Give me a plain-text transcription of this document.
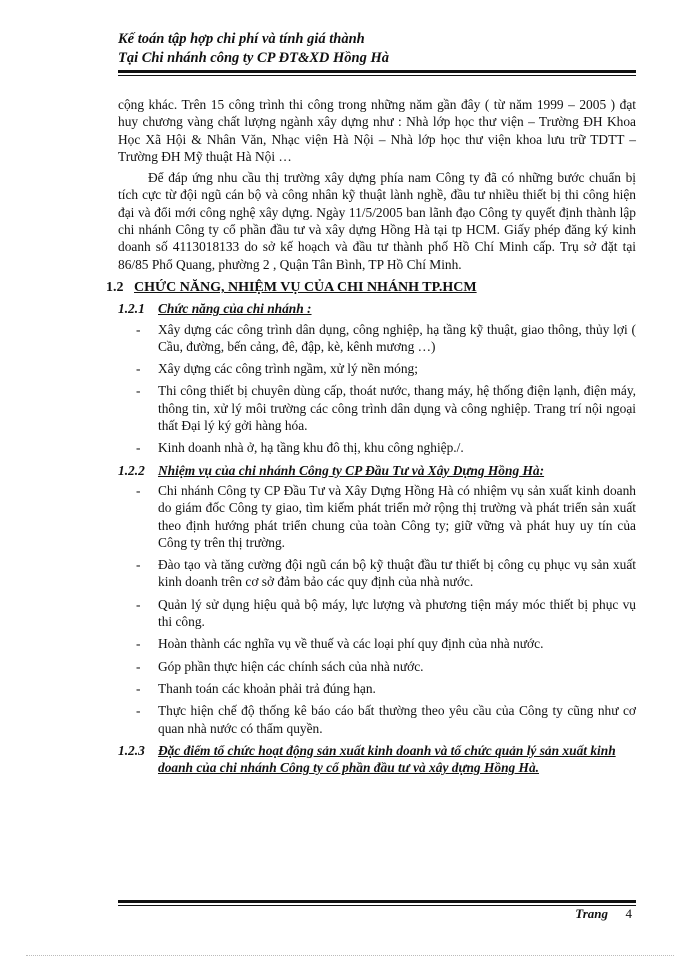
Kế toán tập hợp chi phí và tính giá thành
Tại Chi nhánh công ty CP ĐT&XD Hồng Hà

cộng khác. Trên 15 công trình thi công trong những năm gần đây ( từ năm 1999 – 2005 ) đạt huy chương vàng chất lượng ngành xây dựng như : Nhà lớp học thư viện – Trường ĐH Khoa Học Xã Hội & Nhân Văn, Nhạc viện Hà Nội – Nhà lớp học thư viện khoa lưu trữ TDTT – Trường ĐH Mỹ thuật Hà Nội …

Để đáp ứng nhu cầu thị trường xây dựng phía nam Công ty đã có những bước chuẩn bị tích cực từ đội ngũ cán bộ và công nhân kỹ thuật lành nghề, đầu tư nhiều thiết bị thi công hiện đại và đổi mới công nghệ xây dựng. Ngày 11/5/2005 ban lãnh đạo Công ty quyết định thành lập chi nhánh Công ty cổ phần đầu tư và xây dựng Hồng Hà tại tp HCM. Giấy phép đăng ký kinh doanh số 4113018133 do sở kế hoạch và đầu tư thành phố Hồ Chí Minh cấp. Trụ sở đặt tại 86/85 Phổ Quang, phường 2 , Quận Tân Bình, TP Hồ Chí Minh.

1.2 CHỨC NĂNG, NHIỆM VỤ CỦA CHI NHÁNH TP.HCM
1.2.1 Chức năng của chi nhánh :
- Xây dựng các công trình dân dụng, công nghiệp, hạ tầng kỹ thuật, giao thông, thủy lợi ( Cầu, đường, bến cảng, đê, đập, kè, kênh mương …)
- Xây dựng các công trình ngầm, xử lý nền móng;
- Thi công thiết bị chuyên dùng cấp, thoát nước, thang máy, hệ thống điện lạnh, điện máy, thông tin, xử lý môi trường các công trình dân dụng và công nghiệp. Trang trí nội ngoại thất Đại lý ký gởi hàng hóa.
- Kinh doanh nhà ở, hạ tầng khu đô thị, khu công nghiệp./.
1.2.2 Nhiệm vụ của chi nhánh Công ty CP Đầu Tư và Xây Dựng Hồng Hà:
- Chi nhánh Công ty CP Đầu Tư và Xây Dựng Hồng Hà có nhiệm vụ sản xuất kinh doanh do giám đốc Công ty giao, tìm kiếm phát triển mở rộng thị trường và phát triển sản xuất theo định hướng phát triển chung của toàn Công ty; giữ vững và phát huy uy tín của Công ty trên thị trường.
- Đào tạo và tăng cường đội ngũ cán bộ kỹ thuật đầu tư thiết bị công cụ phục vụ sản xuất kinh doanh trên cơ sở đảm bảo các quy định của nhà nước.
- Quản lý sử dụng hiệu quả bộ máy, lực lượng và phương tiện máy móc thiết bị phục vụ thi công.
- Hoàn thành các nghĩa vụ về thuế và các loại phí quy định của nhà nước.
- Góp phần thực hiện các chính sách của nhà nước.
- Thanh toán các khoản phải trả đúng hạn.
- Thực hiện chế độ thống kê báo cáo bất thường theo yêu cầu của Công ty cũng như cơ quan nhà nước có thẩm quyền.
1.2.3 Đặc điểm tổ chức hoạt động sản xuất kinh doanh và tổ chức quản lý sản xuất kinh doanh của chi nhánh Công ty cổ phần đầu tư và xây dựng Hồng Hà.
Trang 4
